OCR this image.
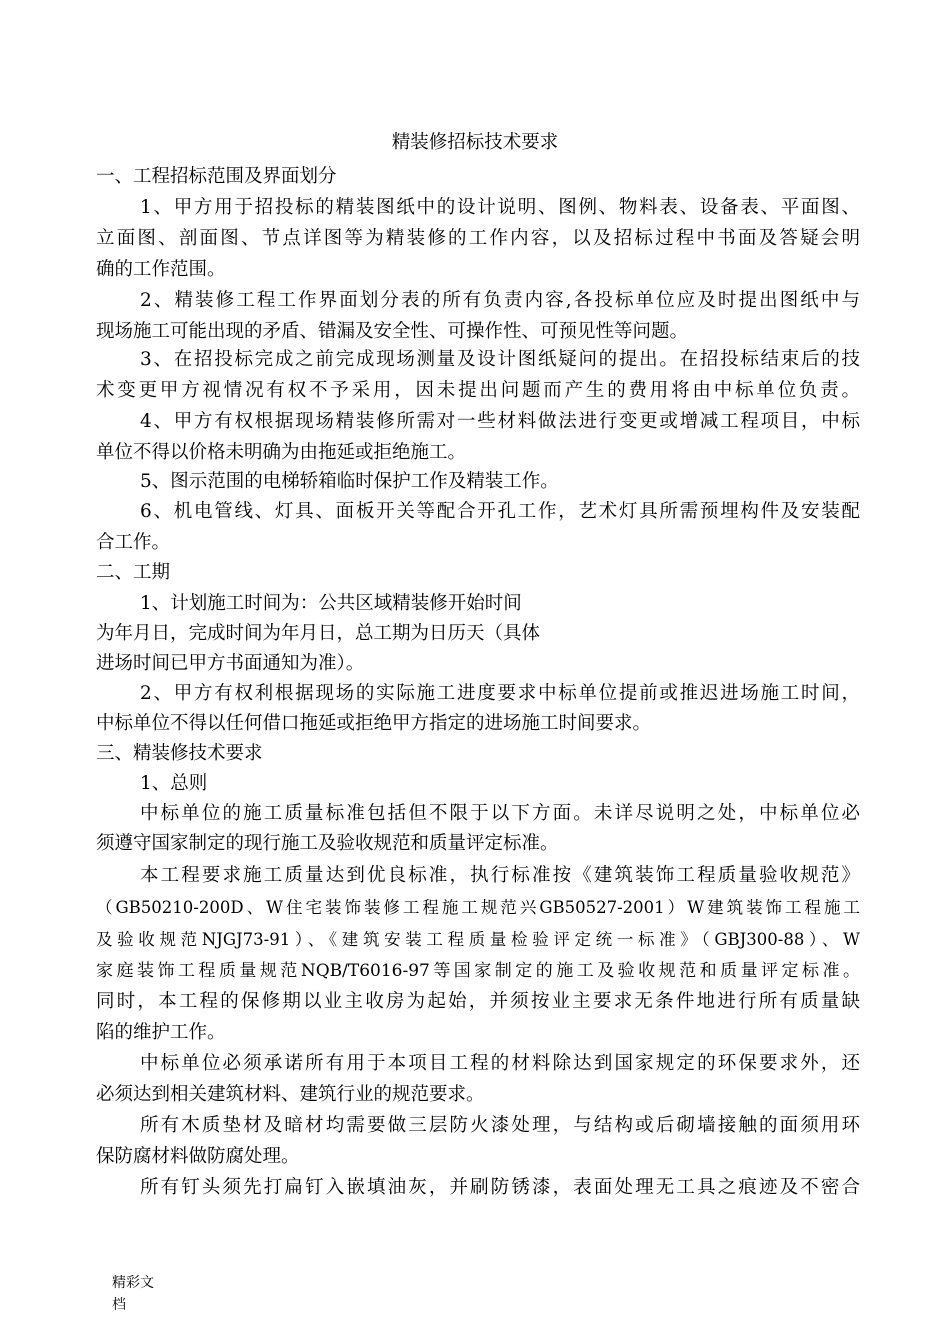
精装修招标技术要求
一、工程招标范围及界面划分
1、甲方用于招投标的精装图纸中的设计说明、图例、物料表、设备表、平面图、
立面图、剖面图、节点详图等为精装修的工作内容，以及招标过程中书面及答疑会明
确的工作范围。
2、精装修工程工作界面划分表的所有负责内容,各投标单位应及时提出图纸中与
现场施工可能出现的矛盾、错漏及安全性、可操作性、可预见性等问题。
3、在招投标完成之前完成现场测量及设计图纸疑问的提出。在招投标结束后的技
术变更甲方视情况有权不予采用，因未提出问题而产生的费用将由中标单位负责。
4、甲方有权根据现场精装修所需对一些材料做法进行变更或增减工程项目，中标
单位不得以价格未明确为由拖延或拒绝施工。
5、图示范围的电梯轿箱临时保护工作及精装工作。
6、机电管线、灯具、面板开关等配合开孔工作，艺术灯具所需预埋构件及安装配
合工作。
二、工期
1、计划施工时间为：公共区域精装修开始时间
为年月日，完成时间为年月日，总工期为日历天（具体
进场时间已甲方书面通知为准）。
2、甲方有权利根据现场的实际施工进度要求中标单位提前或推迟进场施工时间，
中标单位不得以任何借口拖延或拒绝甲方指定的进场施工时间要求。
三、精装修技术要求
1、总则
中标单位的施工质量标准包括但不限于以下方面。未详尽说明之处，中标单位必
须遵守国家制定的现行施工及验收规范和质量评定标准。
本工程要求施工质量达到优良标准，执行标准按《建筑装饰工程质量验收规范》
（GB50210-200D、W住宅装饰装修工程施工规范兴GB50527-2001）W建筑装饰工程施工
及验收规范NJGJ73-91）、《建筑安装工程质量检验评定统一标准》（GBJ300-88）、W
家庭装饰工程质量规范NQB/T6016-97等国家制定的施工及验收规范和质量评定标准。
同时，本工程的保修期以业主收房为起始，并须按业主要求无条件地进行所有质量缺
陷的维护工作。
中标单位必须承诺所有用于本项目工程的材料除达到国家规定的环保要求外，还
必须达到相关建筑材料、建筑行业的规范要求。
所有木质垫材及暗材均需要做三层防火漆处理，与结构或后砌墙接触的面须用环
保防腐材料做防腐处理。
所有钉头须先打扁钉入嵌填油灰，并刷防锈漆，表面处理无工具之痕迹及不密合
精彩文
档
